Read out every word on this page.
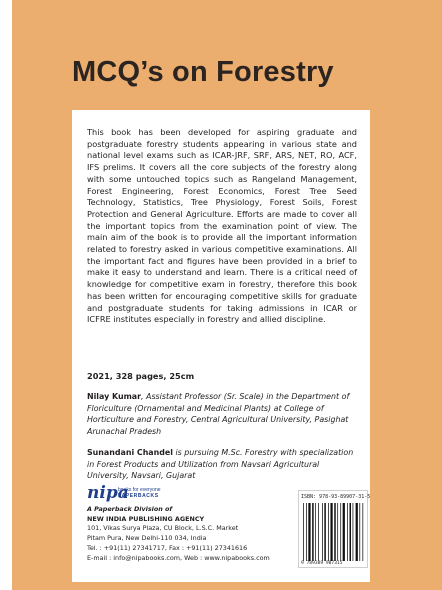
MCQ’s on Forestry

This book has been developed for aspiring graduate and postgraduate forestry students appearing in various state and national level exams such as ICAR-JRF, SRF, ARS, NET, RO, ACF, IFS prelims. It covers all the core subjects of the forestry along with some untouched topics such as Rangeland Management, Forest Engineering, Forest Economics, Forest Tree Seed Technology, Statistics, Tree Physiology, Forest Soils, Forest Protection and General Agriculture. Efforts are made to cover all the important topics from the examination point of view. The main aim of the book is to provide all the important information related to forestry asked in various competitive examinations. All the important fact and figures have been provided in a brief to make it easy to understand and learn. There is a critical need of knowledge for competitive exam in forestry, therefore this book has been written for encouraging competitive skills for graduate and postgraduate students for taking admissions in ICAR or ICFRE institutes especially in forestry and allied discipline.

2021, 328 pages, 25cm

Nilay Kumar, Assistant Professor (Sr. Scale) in the Department of Floriculture (Ornamental and Medicinal Plants) at College of Horticulture and Forestry, Central Agricultural University, Pasighat Arunachal Pradesh

Sunandani Chandel is pursuing M.Sc. Forestry with specialization in Forest Products and Utilization from Navsari Agricultural University, Navsari, Gujarat

nipa
books for everyone
PAPERBACKS
A Paperback Division of
NEW INDIA PUBLISHING AGENCY
101, Vikas Surya Plaza, CU Block, L.S.C. Market
Pitam Pura, New Delhi-110 034, India
Tel. : +91(11) 27341717, Fax : +91(11) 27341616
E-mail : info@nipabooks.com, Web : www.nipabooks.com
ISBN: 978-93-89907-31-5
9 789389 907315
